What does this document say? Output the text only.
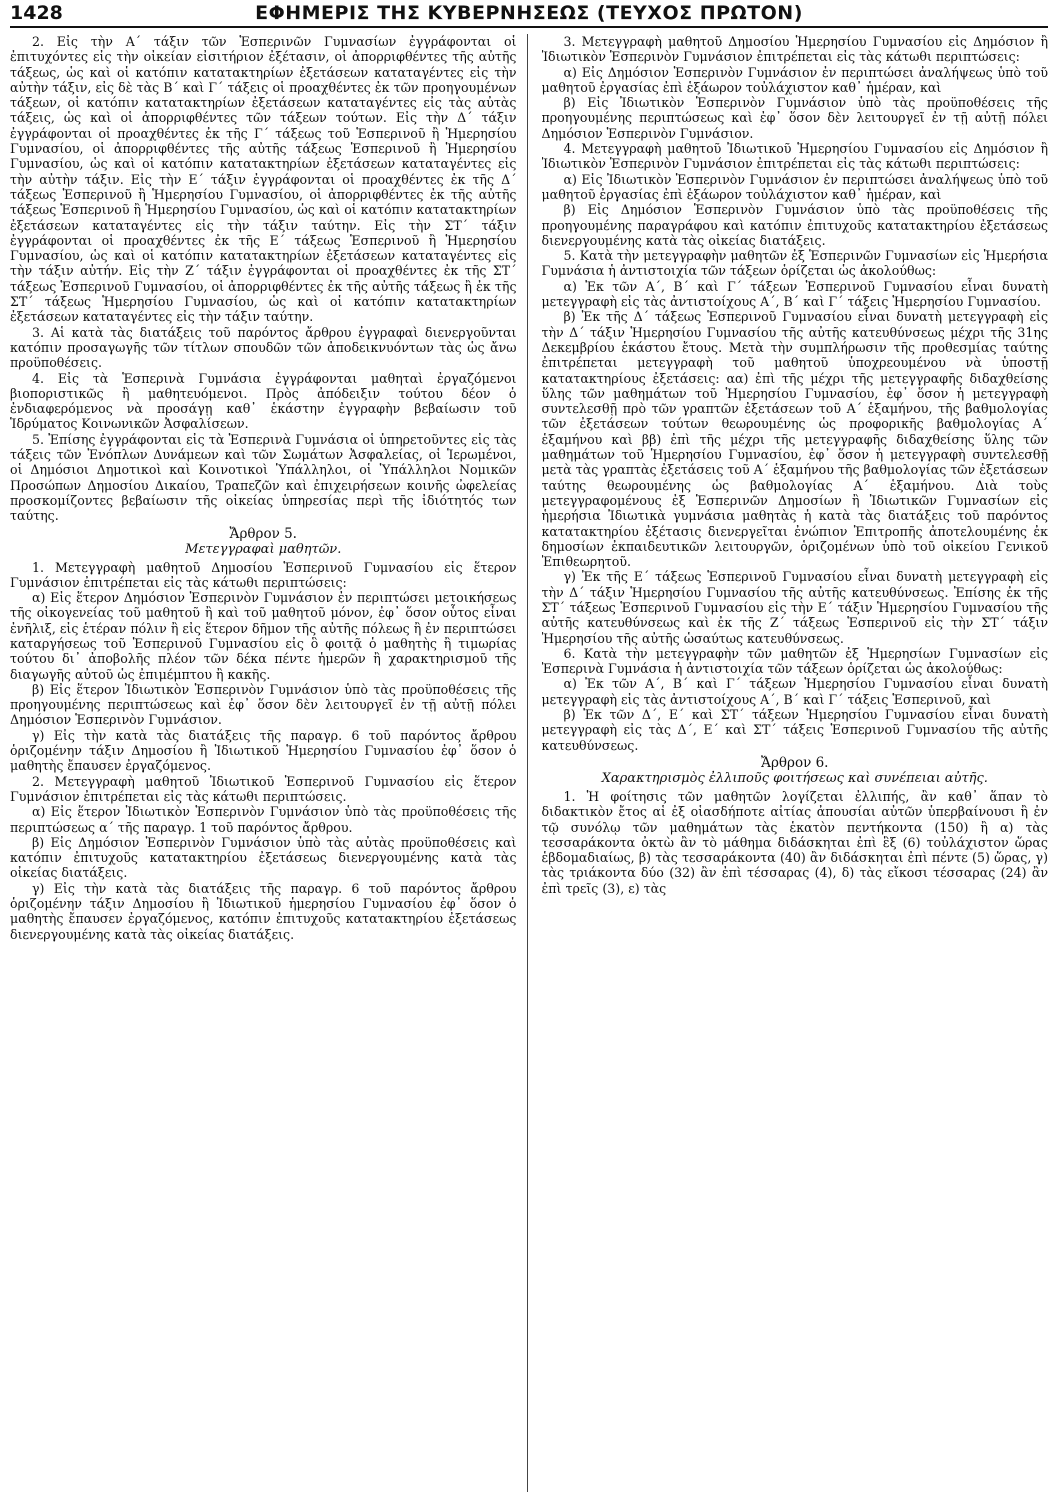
1428	ΕΦΗΜΕΡΙΣ ΤΗΣ ΚΥΒΕΡΝΗΣΕΩΣ (ΤΕΥΧΟΣ ΠΡΩΤΟΝ)

2. Εἰς τὴν Α΄ τάξιν τῶν Ἑσπερινῶν Γυμνασίων ἐγγράφονται οἱ ἐπιτυχόντες εἰς τὴν οἰκείαν εἰσιτήριον ἐξέτασιν, οἱ ἀπορριφθέντες τῆς αὐτῆς τάξεως, ὡς καὶ οἱ κατόπιν κατατακτηρίων ἐξετάσεων καταταγέντες εἰς τὴν αὐτὴν τάξιν, εἰς δὲ τὰς Β΄ καὶ Γ΄ τάξεις οἱ προαχθέντες ἐκ τῶν προηγουμένων τάξεων, οἱ κατόπιν κατατακτηρίων ἐξετάσεων καταταγέντες εἰς τὰς αὐτὰς τάξεις, ὡς καὶ οἱ ἀπορριφθέντες τῶν τάξεων τούτων. Εἰς τὴν Δ΄ τάξιν ἐγγράφονται οἱ προαχθέντες ἐκ τῆς Γ΄ τάξεως τοῦ Ἑσπερινοῦ ἢ Ἡμερησίου Γυμνασίου, οἱ ἀπορριφθέντες τῆς αὐτῆς τάξεως Ἑσπερινοῦ ἢ Ἡμερησίου Γυμνασίου, ὡς καὶ οἱ κατόπιν κατατακτηρίων ἐξετάσεων καταταγέντες εἰς τὴν αὐτὴν τάξιν. Εἰς τὴν Ε΄ τάξιν ἐγγράφονται οἱ προαχθέντες ἐκ τῆς Δ΄ τάξεως Ἑσπερινοῦ ἢ Ἡμερησίου Γυμνασίου, οἱ ἀπορριφθέντες ἐκ τῆς αὐτῆς τάξεως Ἑσπερινοῦ ἢ Ἡμερησίου Γυμνασίου, ὡς καὶ οἱ κατόπιν κατατακτηρίων ἐξετάσεων καταταγέντες εἰς τὴν τάξιν ταύτην. Εἰς τὴν ΣΤ΄ τάξιν ἐγγράφονται οἱ προαχθέντες ἐκ τῆς Ε΄ τάξεως Ἑσπερινοῦ ἢ Ἡμερησίου Γυμνασίου, ὡς καὶ οἱ κατόπιν κατατακτηρίων ἐξετάσεων καταταγέντες εἰς τὴν τάξιν αὐτήν. Εἰς τὴν Ζ΄ τάξιν ἐγγράφονται οἱ προαχθέντες ἐκ τῆς ΣΤ΄ τάξεως Ἑσπερινοῦ Γυμνασίου, οἱ ἀπορριφθέντες ἐκ τῆς αὐτῆς τάξεως ἢ ἐκ τῆς ΣΤ΄ τάξεως Ἡμερησίου Γυμνασίου, ὡς καὶ οἱ κατόπιν κατατακτηρίων ἐξετάσεων καταταγέντες εἰς τὴν τάξιν ταύτην.

3. Αἱ κατὰ τὰς διατάξεις τοῦ παρόντος ἄρθρου ἐγγραφαὶ διενεργοῦνται κατόπιν προσαγωγῆς τῶν τίτλων σπουδῶν τῶν ἀποδεικνυόντων τὰς ὡς ἄνω προϋποθέσεις.

4. Εἰς τὰ Ἑσπερινὰ Γυμνάσια ἐγγράφονται μαθηταὶ ἐργαζόμενοι βιοποριστικῶς ἢ μαθητευόμενοι. Πρὸς ἀπόδειξιν τούτου δέον ὁ ἐνδιαφερόμενος νὰ προσάγῃ καθ᾽ ἑκάστην ἐγγραφὴν βεβαίωσιν τοῦ Ἱδρύματος Κοινωνικῶν Ἀσφαλίσεων.

5. Ἐπίσης ἐγγράφονται εἰς τὰ Ἑσπερινὰ Γυμνάσια οἱ ὑπηρετοῦντες εἰς τὰς τάξεις τῶν Ἐνόπλων Δυνάμεων καὶ τῶν Σωμάτων Ἀσφαλείας, οἱ Ἱερωμένοι, οἱ Δημόσιοι Δημοτικοὶ καὶ Κοινοτικοὶ Ὑπάλληλοι, οἱ Ὑπάλληλοι Νομικῶν Προσώπων Δημοσίου Δικαίου, Τραπεζῶν καὶ ἐπιχειρήσεων κοινῆς ὠφελείας προσκομίζοντες βεβαίωσιν τῆς οἰκείας ὑπηρεσίας περὶ τῆς ἰδιότητός των ταύτης.

Ἄρθρον 5.

Μετεγγραφαὶ μαθητῶν.

1. Μετεγγραφὴ μαθητοῦ Δημοσίου Ἑσπερινοῦ Γυμνασίου εἰς ἕτερον Γυμνάσιον ἐπιτρέπεται εἰς τὰς κάτωθι περιπτώσεις:

α) Εἰς ἕτερον Δημόσιον Ἑσπερινὸν Γυμνάσιον ἐν περιπτώσει μετοικήσεως τῆς οἰκογενείας τοῦ μαθητοῦ ἢ καὶ τοῦ μαθητοῦ μόνον, ἐφ᾽ ὅσον οὗτος εἶναι ἐνῆλιξ, εἰς ἑτέραν πόλιν ἢ εἰς ἕτερον δῆμον τῆς αὐτῆς πόλεως ἢ ἐν περιπτώσει καταργήσεως τοῦ Ἑσπερινοῦ Γυμνασίου εἰς ὃ φοιτᾷ ὁ μαθητὴς ἢ τιμωρίας τούτου δι᾽ ἀποβολῆς πλέον τῶν δέκα πέντε ἡμερῶν ἢ χαρακτηρισμοῦ τῆς διαγωγῆς αὐτοῦ ὡς ἐπιμέμπτου ἢ κακῆς.

β) Εἰς ἕτερον Ἰδιωτικὸν Ἑσπερινὸν Γυμνάσιον ὑπὸ τὰς προϋποθέσεις τῆς προηγουμένης περιπτώσεως καὶ ἐφ᾽ ὅσον δὲν λειτουργεῖ ἐν τῇ αὐτῇ πόλει Δημόσιον Ἑσπερινὸν Γυμνάσιον.

γ) Εἰς τὴν κατὰ τὰς διατάξεις τῆς παραγρ. 6 τοῦ παρόντος ἄρθρου ὁριζομένην τάξιν Δημοσίου ἢ Ἰδιωτικοῦ Ἡμερησίου Γυμνασίου ἐφ᾽ ὅσον ὁ μαθητὴς ἔπαυσεν ἐργαζόμενος.

2. Μετεγγραφὴ μαθητοῦ Ἰδιωτικοῦ Ἑσπερινοῦ Γυμνασίου εἰς ἕτερον Γυμνάσιον ἐπιτρέπεται εἰς τὰς κάτωθι περιπτώσεις.

α) Εἰς ἕτερον Ἰδιωτικὸν Ἑσπερινὸν Γυμνάσιον ὑπὸ τὰς προϋποθέσεις τῆς περιπτώσεως α΄ τῆς παραγρ. 1 τοῦ παρόντος ἄρθρου.

β) Εἰς Δημόσιον Ἑσπερινὸν Γυμνάσιον ὑπὸ τὰς αὐτὰς προϋποθέσεις καὶ κατόπιν ἐπιτυχοῦς κατατακτηρίου ἐξετάσεως διενεργουμένης κατὰ τὰς οἰκείας διατάξεις.

γ) Εἰς τὴν κατὰ τὰς διατάξεις τῆς παραγρ. 6 τοῦ παρόντος ἄρθρου ὁριζομένην τάξιν Δημοσίου ἢ Ἰδιωτικοῦ ἡμερησίου Γυμνασίου ἐφ᾽ ὅσον ὁ μαθητὴς ἔπαυσεν ἐργαζόμενος, κατόπιν ἐπιτυχοῦς κατατακτηρίου ἐξετάσεως διενεργουμένης κατὰ τὰς οἰκείας διατάξεις.

3. Μετεγγραφὴ μαθητοῦ Δημοσίου Ἡμερησίου Γυμνασίου εἰς Δημόσιον ἢ Ἰδιωτικὸν Ἑσπερινὸν Γυμνάσιον ἐπιτρέπεται εἰς τὰς κάτωθι περιπτώσεις:

α) Εἰς Δημόσιον Ἑσπερινὸν Γυμνάσιον ἐν περιπτώσει ἀναλήψεως ὑπὸ τοῦ μαθητοῦ ἐργασίας ἐπὶ ἑξάωρον τοὐλάχιστον καθ᾽ ἡμέραν, καὶ

β) Εἰς Ἰδιωτικὸν Ἑσπερινὸν Γυμνάσιον ὑπὸ τὰς προϋποθέσεις τῆς προηγουμένης περιπτώσεως καὶ ἐφ᾽ ὅσον δὲν λειτουργεῖ ἐν τῇ αὐτῇ πόλει Δημόσιον Ἑσπερινὸν Γυμνάσιον.

4. Μετεγγραφὴ μαθητοῦ Ἰδιωτικοῦ Ἡμερησίου Γυμνασίου εἰς Δημόσιον ἢ Ἰδιωτικὸν Ἑσπερινὸν Γυμνάσιον ἐπιτρέπεται εἰς τὰς κάτωθι περιπτώσεις:

α) Εἰς Ἰδιωτικὸν Ἑσπερινὸν Γυμνάσιον ἐν περιπτώσει ἀναλήψεως ὑπὸ τοῦ μαθητοῦ ἐργασίας ἐπὶ ἑξάωρον τοὐλάχιστον καθ᾽ ἡμέραν, καὶ

β) Εἰς Δημόσιον Ἑσπερινὸν Γυμνάσιον ὑπὸ τὰς προϋποθέσεις τῆς προηγουμένης παραγράφου καὶ κατόπιν ἐπιτυχοῦς κατατακτηρίου ἐξετάσεως διενεργουμένης κατὰ τὰς οἰκείας διατάξεις.

5. Κατὰ τὴν μετεγγραφὴν μαθητῶν ἐξ Ἑσπερινῶν Γυμνασίων εἰς Ἡμερήσια Γυμνάσια ἡ ἀντιστοιχία τῶν τάξεων ὁρίζεται ὡς ἀκολούθως:

α) Ἐκ τῶν Α΄, Β΄ καὶ Γ΄ τάξεων Ἑσπερινοῦ Γυμνασίου εἶναι δυνατὴ μετεγγραφὴ εἰς τὰς ἀντιστοίχους Α΄, Β΄ καὶ Γ΄ τάξεις Ἡμερησίου Γυμνασίου.

β) Ἐκ τῆς Δ΄ τάξεως Ἑσπερινοῦ Γυμνασίου εἶναι δυνατὴ μετεγγραφὴ εἰς τὴν Δ΄ τάξιν Ἡμερησίου Γυμνασίου τῆς αὐτῆς κατευθύνσεως μέχρι τῆς 31ης Δεκεμβρίου ἑκάστου ἔτους. Μετὰ τὴν συμπλήρωσιν τῆς προθεσμίας ταύτης ἐπιτρέπεται μετεγγραφὴ τοῦ μαθητοῦ ὑποχρεουμένου νὰ ὑποστῇ κατατακτηρίους ἐξετάσεις: αα) ἐπὶ τῆς μέχρι τῆς μετεγγραφῆς διδαχθείσης ὕλης τῶν μαθημάτων τοῦ Ἡμερησίου Γυμνασίου, ἐφ᾽ ὅσον ἡ μετεγγραφὴ συντελεσθῇ πρὸ τῶν γραπτῶν ἐξετάσεων τοῦ Α΄ ἑξαμήνου, τῆς βαθμολογίας τῶν ἐξετάσεων τούτων θεωρουμένης ὡς προφορικῆς βαθμολογίας Α΄ ἑξαμήνου καὶ ββ) ἐπὶ τῆς μέχρι τῆς μετεγγραφῆς διδαχθείσης ὕλης τῶν μαθημάτων τοῦ Ἡμερησίου Γυμνασίου, ἐφ᾽ ὅσον ἡ μετεγγραφὴ συντελεσθῇ μετὰ τὰς γραπτὰς ἐξετάσεις τοῦ Α΄ ἑξαμήνου τῆς βαθμολογίας τῶν ἐξετάσεων ταύτης θεωρουμένης ὡς βαθμολογίας Α΄ ἑξαμήνου. Διὰ τοὺς μετεγγραφομένους ἐξ Ἑσπερινῶν Δημοσίων ἢ Ἰδιωτικῶν Γυμνασίων εἰς ἡμερήσια Ἰδιωτικὰ γυμνάσια μαθητὰς ἡ κατὰ τὰς διατάξεις τοῦ παρόντος κατατακτηρίου ἐξέτασις διενεργεῖται ἐνώπιον Ἐπιτροπῆς ἀποτελουμένης ἐκ δημοσίων ἐκπαιδευτικῶν λειτουργῶν, ὁριζομένων ὑπὸ τοῦ οἰκείου Γενικοῦ Ἐπιθεωρητοῦ.

γ) Ἐκ τῆς Ε΄ τάξεως Ἑσπερινοῦ Γυμνασίου εἶναι δυνατὴ μετεγγραφὴ εἰς τὴν Δ΄ τάξιν Ἡμερησίου Γυμνασίου τῆς αὐτῆς κατευθύνσεως. Ἐπίσης ἐκ τῆς ΣΤ΄ τάξεως Ἑσπερινοῦ Γυμνασίου εἰς τὴν Ε΄ τάξιν Ἡμερησίου Γυμνασίου τῆς αὐτῆς κατευθύνσεως καὶ ἐκ τῆς Ζ΄ τάξεως Ἑσπερινοῦ εἰς τὴν ΣΤ΄ τάξιν Ἡμερησίου τῆς αὐτῆς ὡσαύτως κατευθύνσεως.

6. Κατὰ τὴν μετεγγραφὴν τῶν μαθητῶν ἐξ Ἡμερησίων Γυμνασίων εἰς Ἑσπερινὰ Γυμνάσια ἡ ἀντιστοιχία τῶν τάξεων ὁρίζεται ὡς ἀκολούθως:

α) Ἐκ τῶν Α΄, Β΄ καὶ Γ΄ τάξεων Ἡμερησίου Γυμνασίου εἶναι δυνατὴ μετεγγραφὴ εἰς τὰς ἀντιστοίχους Α΄, Β΄ καὶ Γ΄ τάξεις Ἑσπερινοῦ, καὶ

β) Ἐκ τῶν Δ΄, Ε΄ καὶ ΣΤ΄ τάξεων Ἡμερησίου Γυμνασίου εἶναι δυνατὴ μετεγγραφὴ εἰς τὰς Δ΄, Ε΄ καὶ ΣΤ΄ τάξεις Ἑσπερινοῦ Γυμνασίου τῆς αὐτῆς κατευθύνσεως.

Ἄρθρον 6.

Χαρακτηρισμὸς ἐλλιποῦς φοιτήσεως καὶ συνέπειαι αὐτῆς.

1. Ἡ φοίτησις τῶν μαθητῶν λογίζεται ἐλλιπής, ἂν καθ᾽ ἅπαν τὸ διδακτικὸν ἔτος αἱ ἐξ οἱασδήποτε αἰτίας ἀπουσίαι αὐτῶν ὑπερβαίνουσι ἢ ἐν τῷ συνόλῳ τῶν μαθημάτων τὰς ἑκατὸν πεντήκοντα (150) ἢ α) τὰς τεσσαράκοντα ὀκτὼ ἂν τὸ μάθημα διδάσκηται ἐπὶ ἓξ (6) τοὐλάχιστον ὥρας ἑβδομαδιαίως, β) τὰς τεσσαράκοντα (40) ἂν διδάσκηται ἐπὶ πέντε (5) ὥρας, γ) τὰς τριάκοντα δύο (32) ἂν ἐπὶ τέσσαρας (4), δ) τὰς εἴκοσι τέσσαρας (24) ἂν ἐπὶ τρεῖς (3), ε) τὰς
